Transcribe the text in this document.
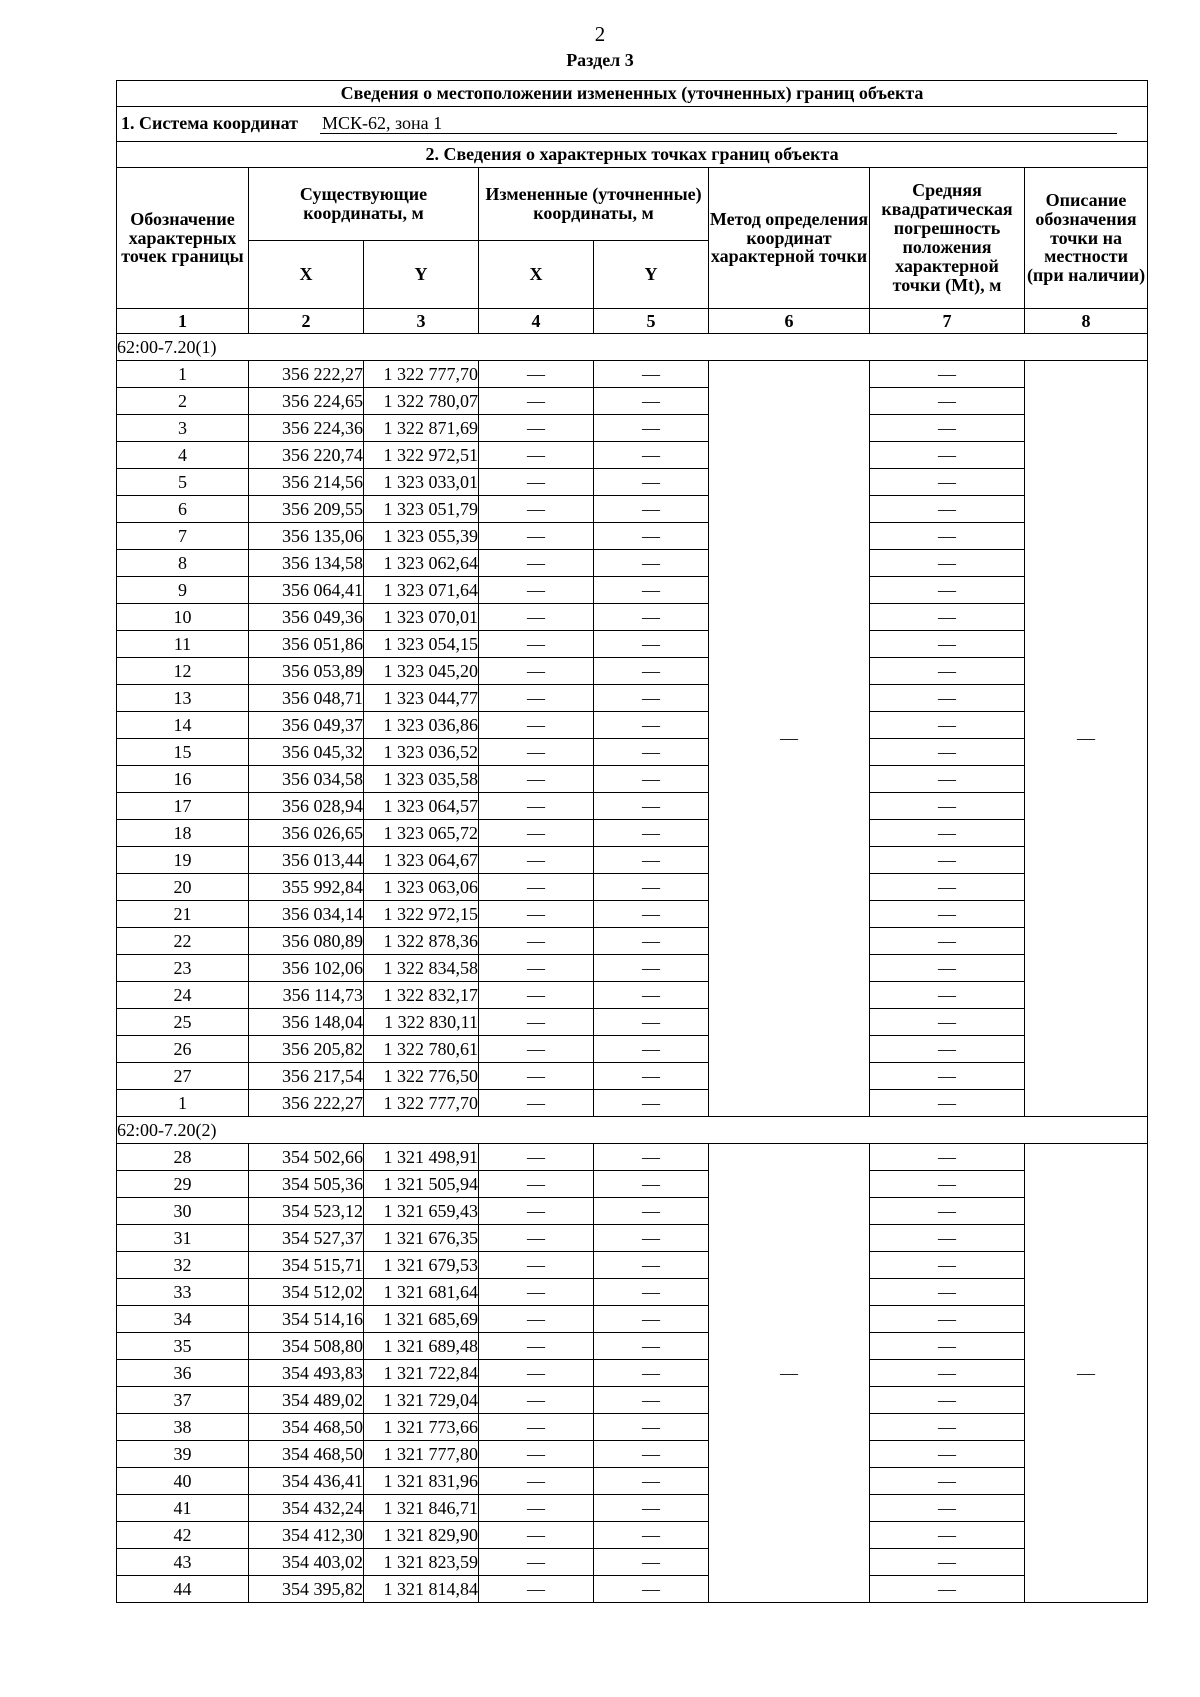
2
Раздел 3
Сведения о местоположении измененных (уточненных) границ объекта							
1. Система координат МСК-62, зона 1							
2. Сведения о характерных точках границ объекта							
Обозначение характерных точек границы	Существующие координаты, м		Измененные (уточненные) координаты, м		Метод определения координат характерной точки	Средняя квадратическая погрешность положения характерной точки (Mt), м	Описание обозначения точки на местности (при наличии)
	X	Y	X	Y			
1	2	3	4	5	6	7	8
62:00-7.20(1)							
1	356 222,27	1 322 777,70	—	—	—	—	—
2	356 224,65	1 322 780,07	—	—		—	
3	356 224,36	1 322 871,69	—	—		—	
4	356 220,74	1 322 972,51	—	—		—	
5	356 214,56	1 323 033,01	—	—		—	
6	356 209,55	1 323 051,79	—	—		—	
7	356 135,06	1 323 055,39	—	—		—	
8	356 134,58	1 323 062,64	—	—		—	
9	356 064,41	1 323 071,64	—	—		—	
10	356 049,36	1 323 070,01	—	—		—	
11	356 051,86	1 323 054,15	—	—		—	
12	356 053,89	1 323 045,20	—	—		—	
13	356 048,71	1 323 044,77	—	—		—	
14	356 049,37	1 323 036,86	—	—		—	
15	356 045,32	1 323 036,52	—	—		—	
16	356 034,58	1 323 035,58	—	—		—	
17	356 028,94	1 323 064,57	—	—		—	
18	356 026,65	1 323 065,72	—	—		—	
19	356 013,44	1 323 064,67	—	—		—	
20	355 992,84	1 323 063,06	—	—		—	
21	356 034,14	1 322 972,15	—	—		—	
22	356 080,89	1 322 878,36	—	—		—	
23	356 102,06	1 322 834,58	—	—		—	
24	356 114,73	1 322 832,17	—	—		—	
25	356 148,04	1 322 830,11	—	—		—	
26	356 205,82	1 322 780,61	—	—		—	
27	356 217,54	1 322 776,50	—	—		—	
1	356 222,27	1 322 777,70	—	—		—	
62:00-7.20(2)							
28	354 502,66	1 321 498,91	—	—	—	—	—
29	354 505,36	1 321 505,94	—	—		—	
30	354 523,12	1 321 659,43	—	—		—	
31	354 527,37	1 321 676,35	—	—		—	
32	354 515,71	1 321 679,53	—	—		—	
33	354 512,02	1 321 681,64	—	—		—	
34	354 514,16	1 321 685,69	—	—		—	
35	354 508,80	1 321 689,48	—	—		—	
36	354 493,83	1 321 722,84	—	—		—	
37	354 489,02	1 321 729,04	—	—		—	
38	354 468,50	1 321 773,66	—	—		—	
39	354 468,50	1 321 777,80	—	—		—	
40	354 436,41	1 321 831,96	—	—		—	
41	354 432,24	1 321 846,71	—	—		—	
42	354 412,30	1 321 829,90	—	—		—	
43	354 403,02	1 321 823,59	—	—		—	
44	354 395,82	1 321 814,84	—	—		—	
